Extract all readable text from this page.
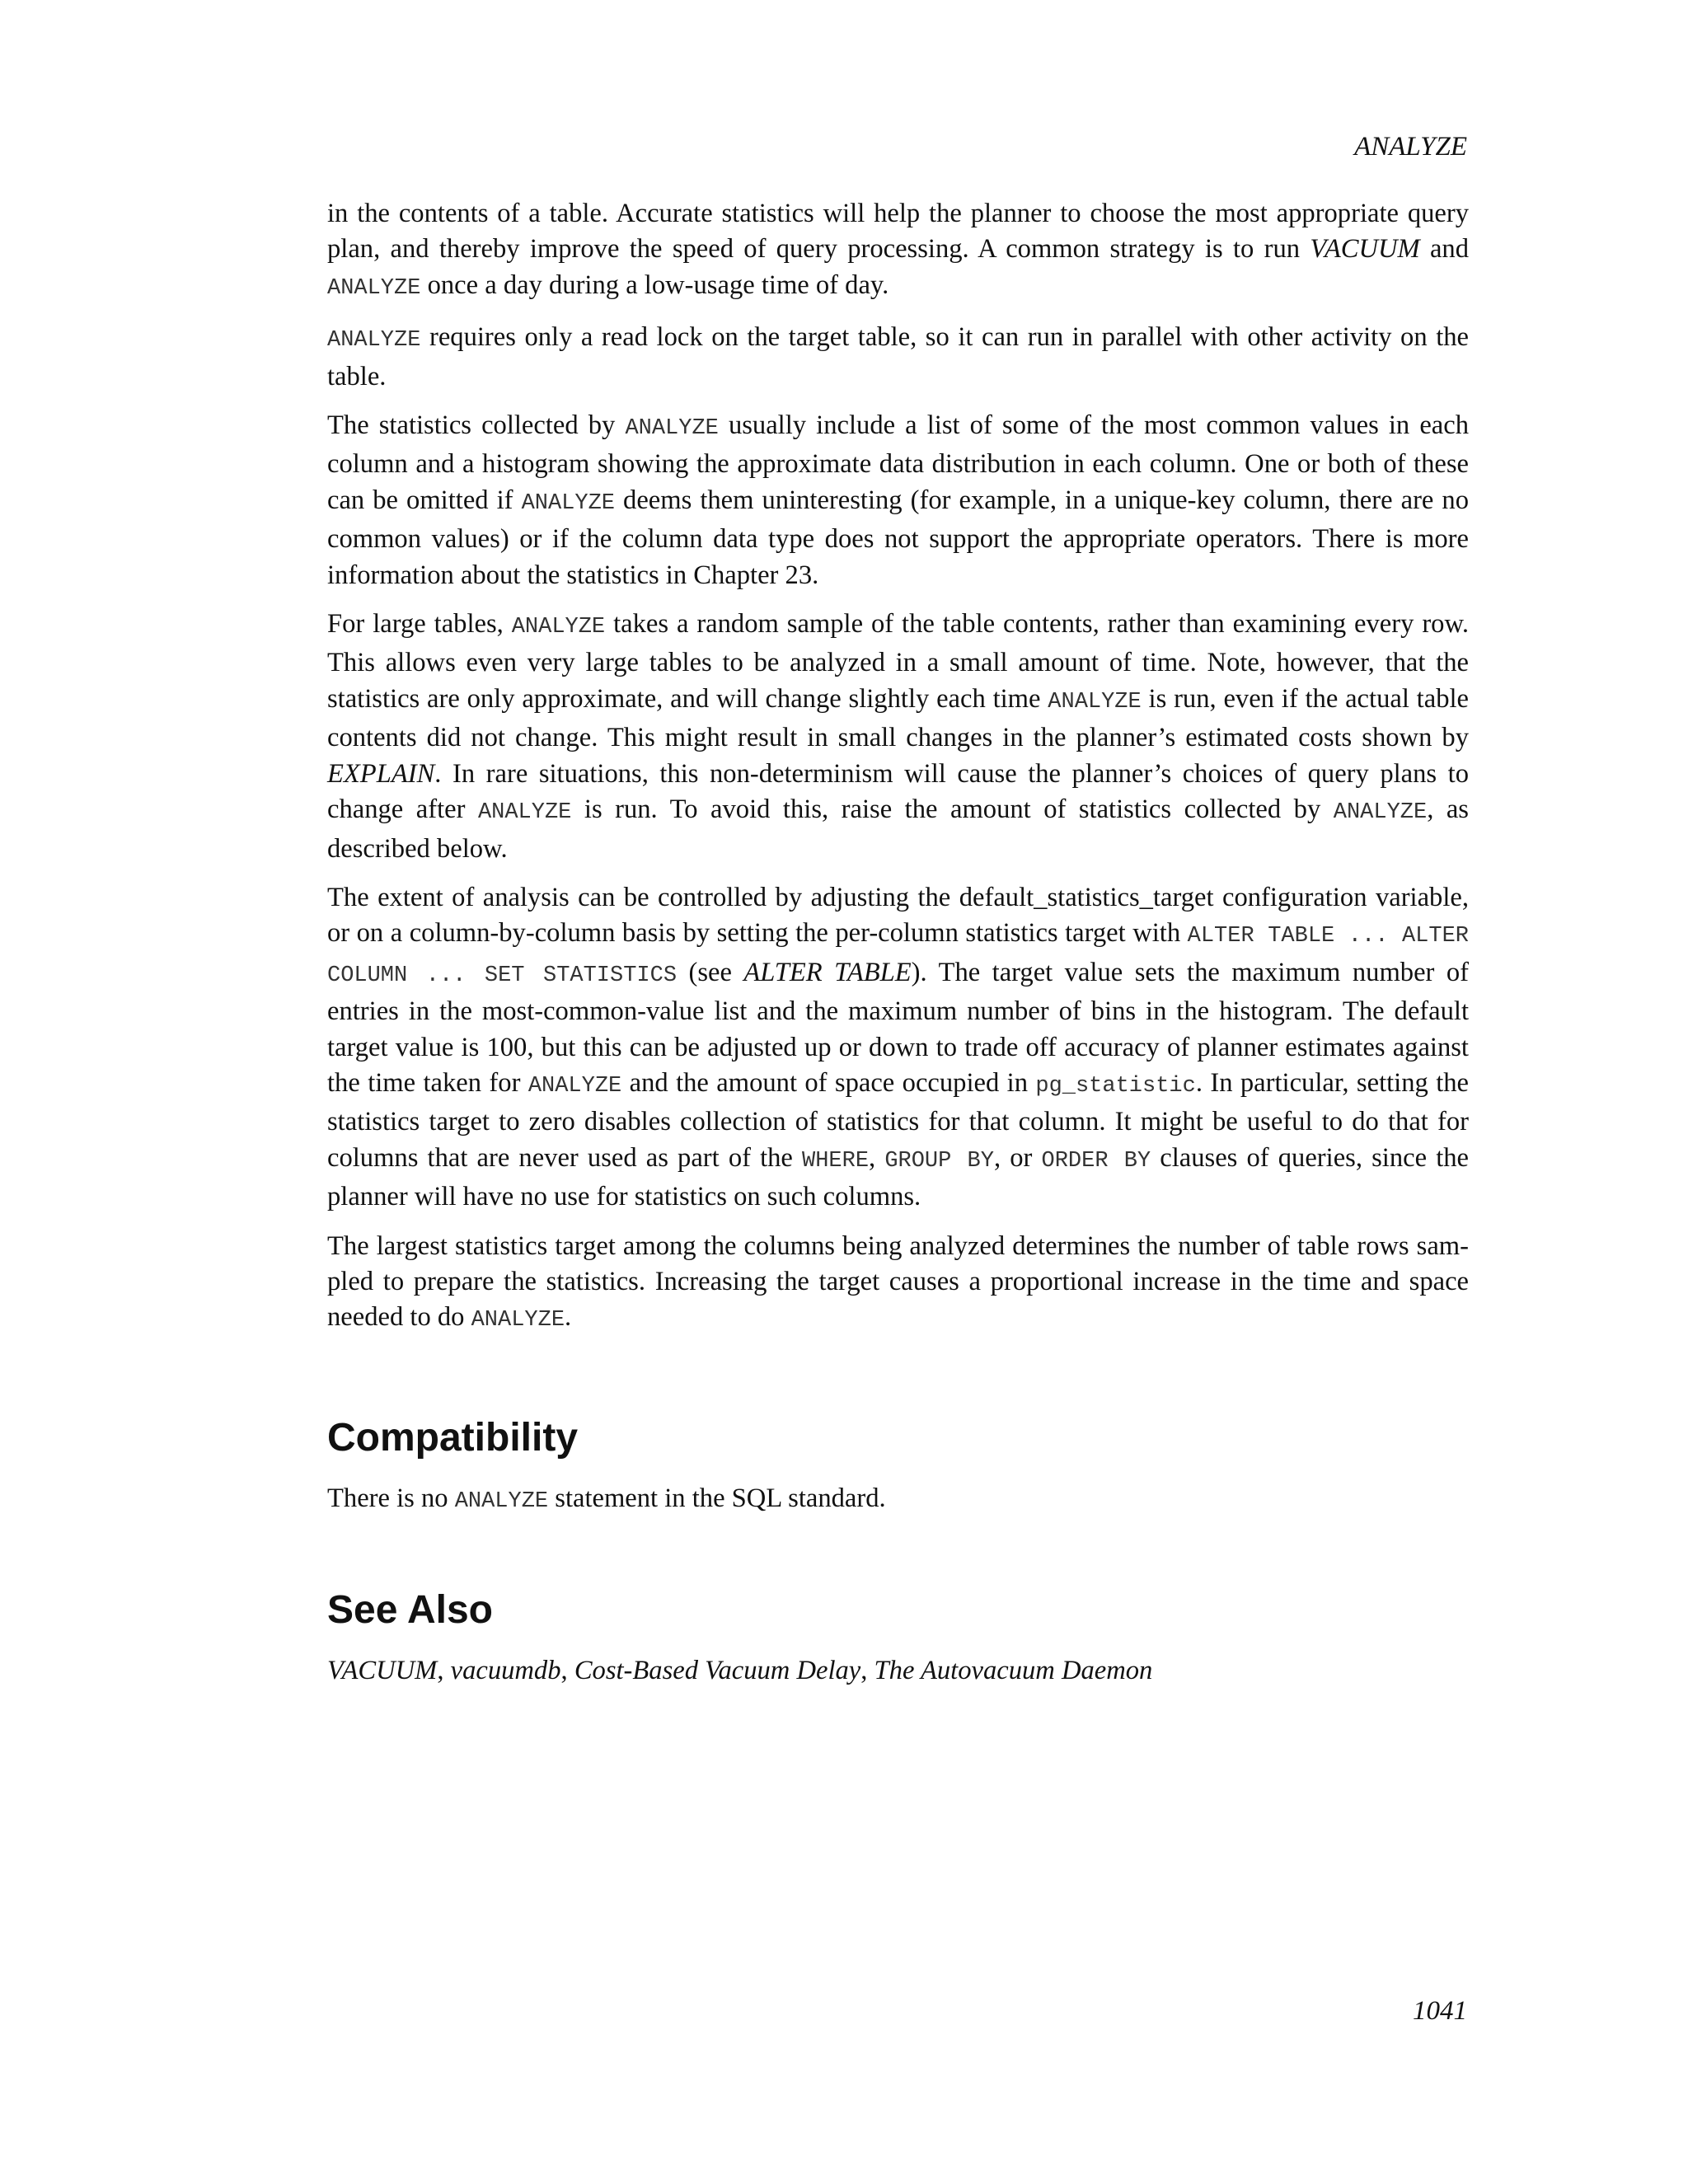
ANALYZE

in the contents of a table. Accurate statistics will help the planner to choose the most appropriate query plan, and thereby improve the speed of query processing. A common strategy is to run VACUUM and ANALYZE once a day during a low-usage time of day.

ANALYZE requires only a read lock on the target table, so it can run in parallel with other activity on the table.

The statistics collected by ANALYZE usually include a list of some of the most common values in each column and a histogram showing the approximate data distribution in each column. One or both of these can be omitted if ANALYZE deems them uninteresting (for example, in a unique-key column, there are no common values) or if the column data type does not support the appropriate operators. There is more information about the statistics in Chapter 23.

For large tables, ANALYZE takes a random sample of the table contents, rather than examining every row. This allows even very large tables to be analyzed in a small amount of time. Note, however, that the statistics are only approximate, and will change slightly each time ANALYZE is run, even if the actual table contents did not change. This might result in small changes in the planner’s estimated costs shown by EXPLAIN. In rare situations, this non-determinism will cause the planner’s choices of query plans to change after ANALYZE is run. To avoid this, raise the amount of statistics collected by ANALYZE, as described below.

The extent of analysis can be controlled by adjusting the default_statistics_target configuration variable, or on a column-by-column basis by setting the per-column statistics target with ALTER TABLE ... ALTER COLUMN ... SET STATISTICS (see ALTER TABLE). The target value sets the maximum number of entries in the most-common-value list and the maximum number of bins in the histogram. The default target value is 100, but this can be adjusted up or down to trade off accuracy of planner estimates against the time taken for ANALYZE and the amount of space occupied in pg_statistic. In particular, setting the statistics target to zero disables collection of statistics for that column. It might be useful to do that for columns that are never used as part of the WHERE, GROUP BY, or ORDER BY clauses of queries, since the planner will have no use for statistics on such columns.

The largest statistics target among the columns being analyzed determines the number of table rows sampled to prepare the statistics. Increasing the target causes a proportional increase in the time and space needed to do ANALYZE.

Compatibility

There is no ANALYZE statement in the SQL standard.

See Also

VACUUM, vacuumdb, Cost-Based Vacuum Delay, The Autovacuum Daemon

1041
